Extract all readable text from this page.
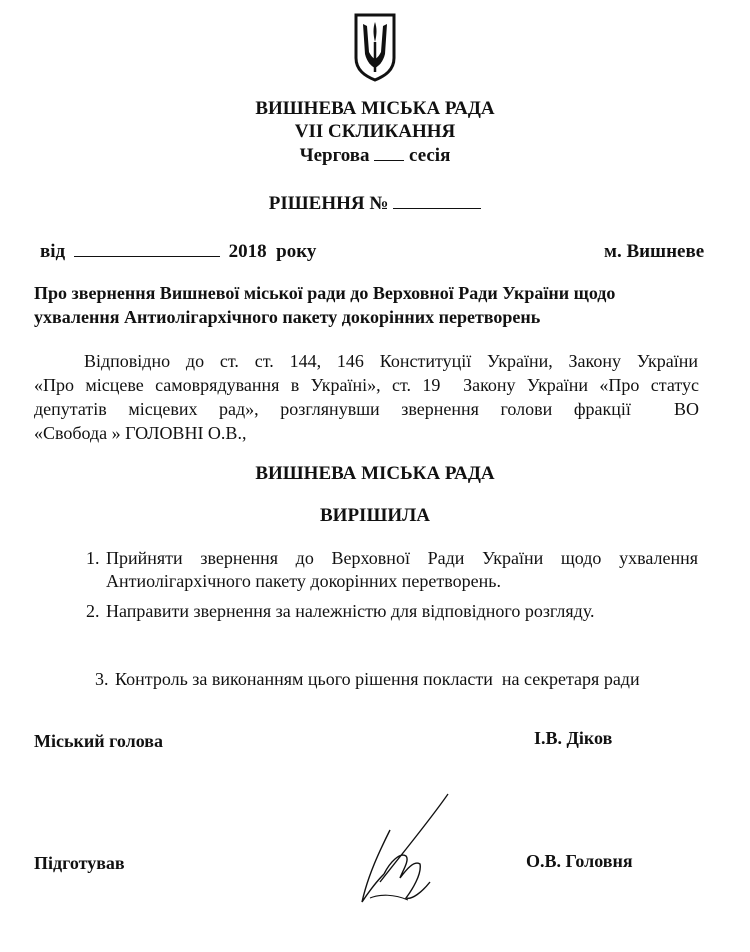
ВИШНЕВА МІСЬКА РАДА
VII СКЛИКАННЯ
Чергова сесія
РІШЕННЯ №
від	2018  року	м. Вишневе
Про звернення Вишневої міської ради до Верховної Ради України щодо
ухвалення Антиолігархічного пакету докорінних перетворень
Відповідно до ст. ст. 144, 146 Конституції України, Закону України
«Про місцеве самоврядування в Україні», ст. 19  Закону України «Про статус
депутатів місцевих рад», розглянувши звернення голови фракції  ВО
«Свобода » ГОЛОВНІ О.В.,
ВИШНЕВА МІСЬКА РАДА
ВИРІШИЛА
1. Прийняти звернення до Верховної Ради України щодо ухвалення
Антиолігархічного пакету докорінних перетворень.
2. Направити звернення за належністю для відповідного розгляду.

3. Контроль за виконанням цього рішення покласти  на секретаря ради

Міський голова	І.В. Діков
Підготував	О.В. Головня
